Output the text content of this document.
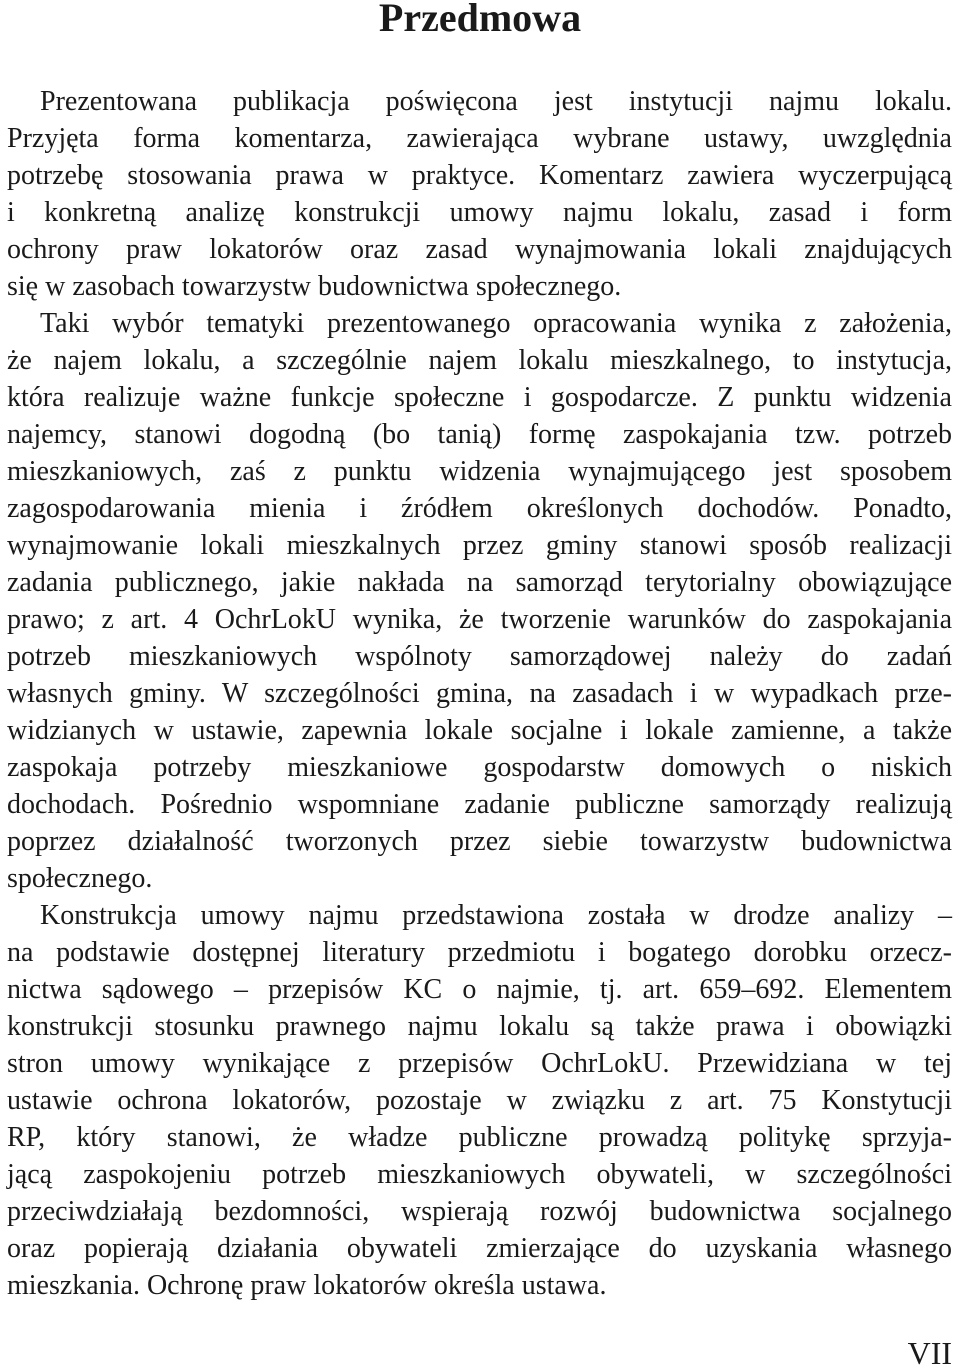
Przedmowa

Prezentowana publikacja poświęcona jest instytucji najmu lokalu.
Przyjęta forma komentarza, zawierająca wybrane ustawy, uwzględnia
potrzebę stosowania prawa w praktyce. Komentarz zawiera wyczerpującą
i konkretną analizę konstrukcji umowy najmu lokalu, zasad i form
ochrony praw lokatorów oraz zasad wynajmowania lokali znajdujących
się w zasobach towarzystw budownictwa społecznego.

Taki wybór tematyki prezentowanego opracowania wynika z założenia,
że najem lokalu, a szczególnie najem lokalu mieszkalnego, to instytucja,
która realizuje ważne funkcje społeczne i gospodarcze. Z punktu widzenia
najemcy, stanowi dogodną (bo tanią) formę zaspokajania tzw. potrzeb
mieszkaniowych, zaś z punktu widzenia wynajmującego jest sposobem
zagospodarowania mienia i źródłem określonych dochodów. Ponadto,
wynajmowanie lokali mieszkalnych przez gminy stanowi sposób realizacji
zadania publicznego, jakie nakłada na samorząd terytorialny obowiązujące
prawo; z art. 4 OchrLokU wynika, że tworzenie warunków do zaspokajania
potrzeb mieszkaniowych wspólnoty samorządowej należy do zadań
własnych gminy. W szczególności gmina, na zasadach i w wypadkach prze-
widzianych w ustawie, zapewnia lokale socjalne i lokale zamienne, a także
zaspokaja potrzeby mieszkaniowe gospodarstw domowych o niskich
dochodach. Pośrednio wspomniane zadanie publiczne samorządy realizują
poprzez działalność tworzonych przez siebie towarzystw budownictwa
społecznego.

Konstrukcja umowy najmu przedstawiona została w drodze analizy –
na podstawie dostępnej literatury przedmiotu i bogatego dorobku orzecz-
nictwa sądowego – przepisów KC o najmie, tj. art. 659–692. Elementem
konstrukcji stosunku prawnego najmu lokalu są także prawa i obowiązki
stron umowy wynikające z przepisów OchrLokU. Przewidziana w tej
ustawie ochrona lokatorów, pozostaje w związku z art. 75 Konstytucji
RP, który stanowi, że władze publiczne prowadzą politykę sprzyja-
jącą zaspokojeniu potrzeb mieszkaniowych obywateli, w szczególności
przeciwdziałają bezdomności, wspierają rozwój budownictwa socjalnego
oraz popierają działania obywateli zmierzające do uzyskania własnego
mieszkania. Ochronę praw lokatorów określa ustawa.

VII
